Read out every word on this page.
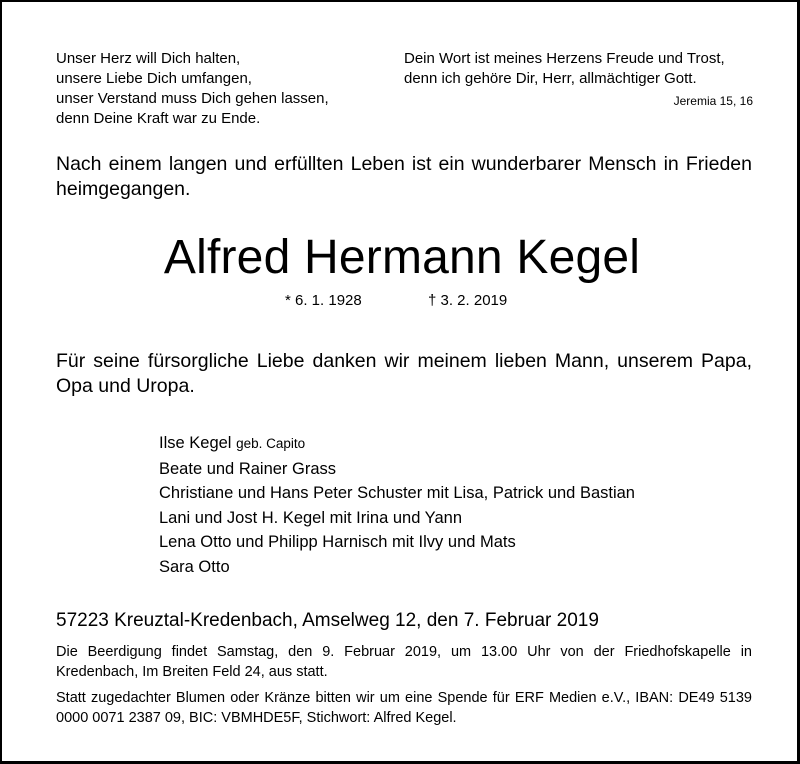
Unser Herz will Dich halten,
unsere Liebe Dich umfangen,
unser Verstand muss Dich gehen lassen,
denn Deine Kraft war zu Ende.
Dein Wort ist meines Herzens Freude und Trost,
denn ich gehöre Dir, Herr, allmächtiger Gott.
Jeremia 15, 16
Nach einem langen und erfüllten Leben ist ein wunderbarer Mensch in Frieden heimgegangen.
Alfred Hermann Kegel
* 6. 1. 1928	† 3. 2. 2019
Für seine fürsorgliche Liebe danken wir meinem lieben Mann, unserem Papa, Opa und Uropa.
Ilse Kegel geb. Capito
Beate und Rainer Grass
Christiane und Hans Peter Schuster mit Lisa, Patrick und Bastian
Lani und Jost H. Kegel mit Irina und Yann
Lena Otto und Philipp Harnisch mit Ilvy und Mats
Sara Otto
57223 Kreuztal-Kredenbach, Amselweg 12, den 7. Februar 2019
Die Beerdigung findet Samstag, den 9. Februar 2019, um 13.00 Uhr von der Friedhofskapelle in Kredenbach, Im Breiten Feld 24, aus statt.
Statt zugedachter Blumen oder Kränze bitten wir um eine Spende für ERF Medien e.V., IBAN: DE49 5139 0000 0071 2387 09, BIC: VBMHDE5F, Stichwort: Alfred Kegel.
